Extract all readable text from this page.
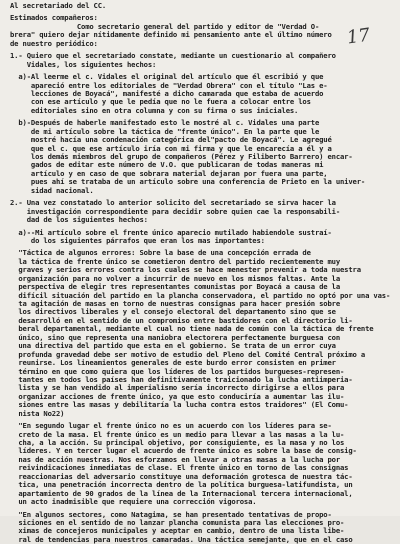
17
Al secretariado del CC.
Estimados compañeros:
Como secretario general del partido y editor de "Verdad O-
brera" quiero dejar nítidamente definido mi pensamiento ante el último número
de nuestro periódico:
1.- Quiero que el secretariado constate, mediante un cuestionario al compañero
Vidales, los siguientes hechos:
a)-Al leerme el c. Vidales el original del artículo que él escribió y que
apareció entre los editoriales de "Verdad Obrera" con el título "Las e-
lecciones de Boyacá", manifesté a dicho camarada que estaba de acuerdo
con ese artículo y que le pedía que no le fuera a colocar entre los
editoriales sino en otra columna y con su firma o sus iniciales.
b)-Después de haberle manifestado esto le mostré al c. Vidales una parte
de mi artículo sobre la táctica de "frente único". En la parte que le
mostré hacía una condenación categórica del"pacto de Boyacá". Le agregué
que el c. que ese artículo iría con mi firma y que le encarecía a él y a
los demás miembros del grupo de compañeros (Pérez y Filiberto Barrero) encar-
gados de editar este número de V.O. que publicaran de todas maneras mi
artículo y en caso de que sobrara material dejaran por fuera una parte,
pues ahí se trataba de un artículo sobre una conferencia de Prieto en la univer-
sidad nacional.
2.- Una vez constatado lo anterior solicito del secretariado se sirva hacer la
investigación correspondiente para decidir sobre quien cae la responsabili-
dad de los siguientes hechos:
a)--Mi artículo sobre el frente único aparecio mutilado habiendole sustraí-
do los siguientes párrafos que eran los mas importantes:
"Táctica de algunos errores: Sobre la base de una concepción errada de
la táctica de frente único se cometieron dentro del partido recientemente muy
graves y serios errores contra los cuales se hace menester prevenir a toda nuestra
organización para no volver a incurrir de nuevo en los mismos faltas. Ante la
perspectiva de elegir tres representantes comunistas por Boyacá a causa de la
difícil situación del partido en la plancha conservadora, el partido no optó por una vas-
ta agitación de masas en torno de nuestras consignas para hacer presión sobre
los directivos liberales y el consejo electoral del departamento sino que se
desarrolló en el sentido de un compromiso entre bastidores con el directorio li-
beral departamental, mediante el cual no tiene nada de común con la táctica de frente
único, sino que representa una maniobra electorera perfectamente burguesa con
una directiva del partido que esta en el gobierno. Se trata de un error cuya
profunda gravedad debe ser motivo de estudio del Pleno del Comité Central próximo a
reunirse. Los lineamientos generales de este burdo error consisten en primer
término en que como quiera que los líderes de los partidos burgueses-represen-
tantes en todos los países han definitivamente traicionado la lucha antiimperia-
lista y se han vendido al imperialismo sería incorrecto dirigirse a ellos para
organizar acciones de frente único, ya que esto conduciría a aumentar las ilu-
siones entre las masas y debilitaría la lucha contra estos traidores" (El Comu-
nista No22)
"En segundo lugar el frente único no es un acuerdo con los líderes para se-
creto de la masa. El frente único es un medio para llevar a las masas a la lu-
cha, a la acción. Su principal objetivo, por consiguiente, es la masa y no los
líderes. Y en tercer lugar el acuerdo de frente único es sobre la base de consig-
nas de acción nuestras. Nos esforzamos en llevar a otras masas a la lucha por
reivindicaciones inmediatas de clase. El frente único en torno de las consignas
reaccionarias del adversario constituye una deformación grotesca de nuestra tác-
tica, una penetración incorrecta dentro de la política burguesa-latifundista, un
apartamiento de 90 grados de la línea de la Internacional tercera internacional,
un acto inadmisible que requiere una corrección vigorosa.
"En algunos sectores, como Natagima, se han presentado tentativas de propo-
siciones en el sentido de no lanzar plancha comunista para las elecciones pro-
ximas de concejeros municipales y aceptar en cambio, dentro de una lista libe-
ral de tendencias para nuestros camaradas. Una táctica semejante, que en el caso
